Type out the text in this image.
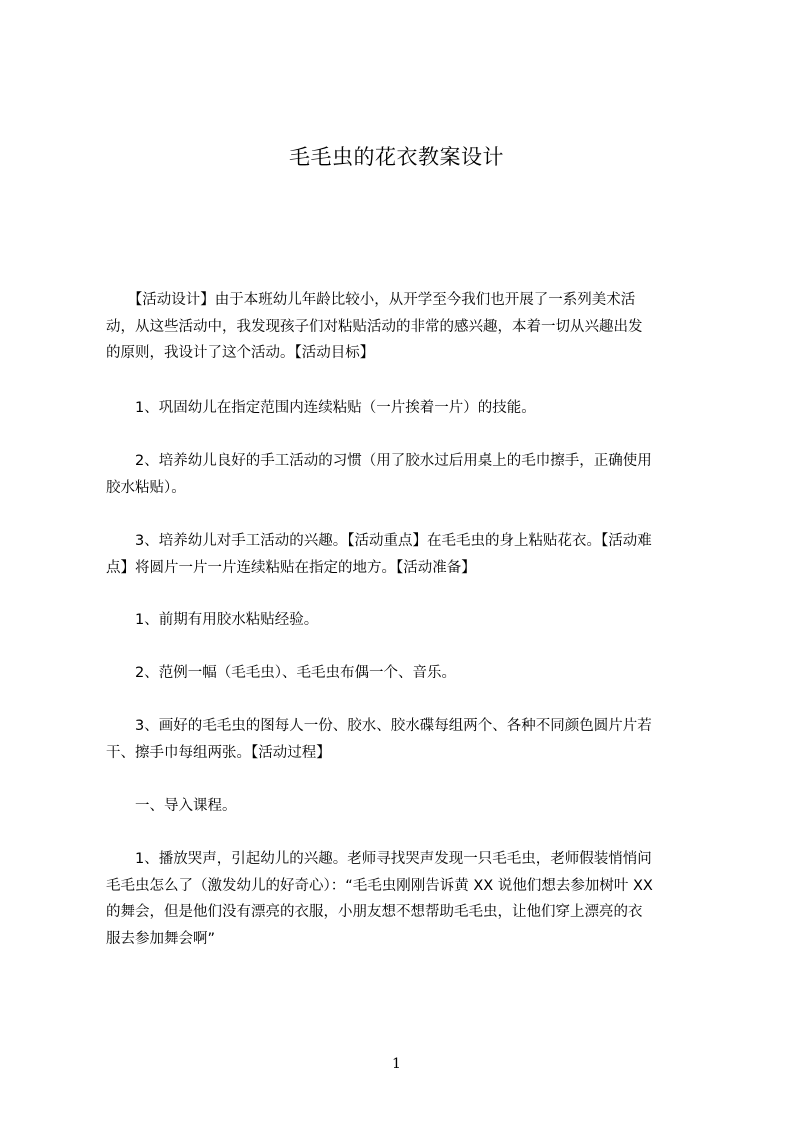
毛毛虫的花衣教案设计
　　【活动设计】由于本班幼儿年龄比较小，从开学至今我们也开展了一系列美术活
动，从这些活动中，我发现孩子们对粘贴活动的非常的感兴趣，本着一切从兴趣出发
的原则，我设计了这个活动。【活动目标】
　　1、巩固幼儿在指定范围内连续粘贴（一片挨着一片）的技能。
　　2、培养幼儿良好的手工活动的习惯（用了胶水过后用桌上的毛巾擦手，正确使用
胶水粘贴）。
　　3、培养幼儿对手工活动的兴趣。【活动重点】在毛毛虫的身上粘贴花衣。【活动难
点】将圆片一片一片连续粘贴在指定的地方。【活动准备】
　　1、前期有用胶水粘贴经验。
　　2、范例一幅（毛毛虫）、毛毛虫布偶一个、音乐。
　　3、画好的毛毛虫的图每人一份、胶水、胶水碟每组两个、各种不同颜色圆片片若
干、擦手巾每组两张。【活动过程】
　　一、导入课程。
　　1、播放哭声，引起幼儿的兴趣。老师寻找哭声发现一只毛毛虫，老师假装悄悄问
毛毛虫怎么了（激发幼儿的好奇心）：“毛毛虫刚刚告诉黄 XX 说他们想去参加树叶 XX
的舞会，但是他们没有漂亮的衣服，小朋友想不想帮助毛毛虫，让他们穿上漂亮的衣
服去参加舞会啊”
1
